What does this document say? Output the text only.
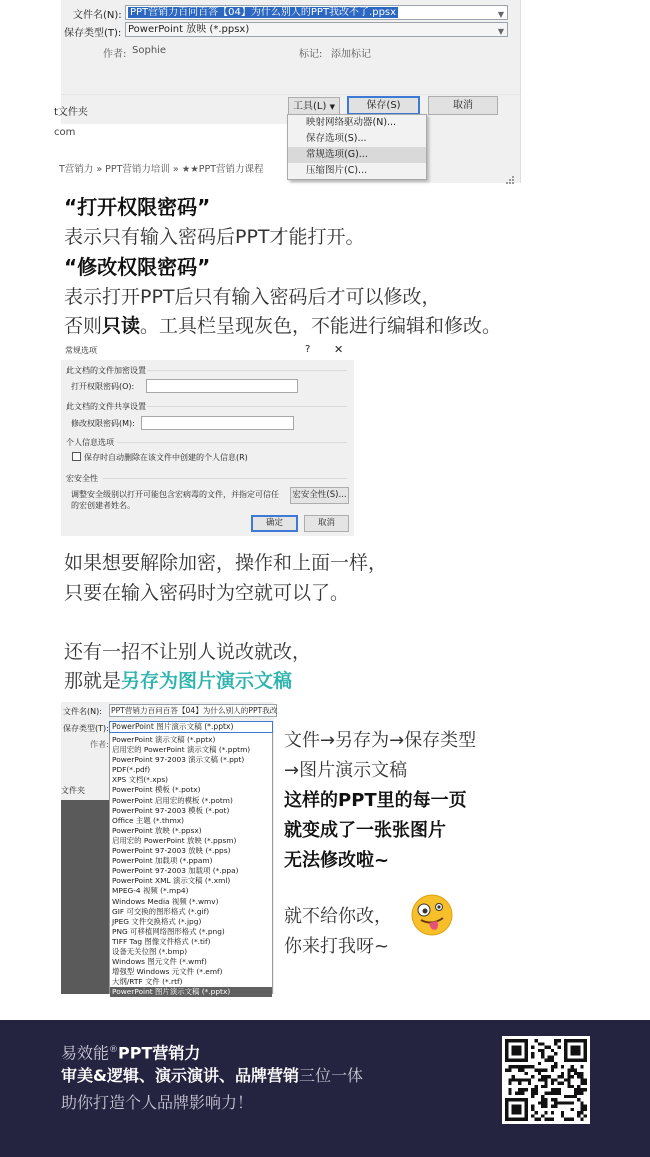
文件名(N): PPT营销力百问百答【04】为什么别人的PPT我改不了.ppsx	▼
保存类型(T): PowerPoint 放映 (*.ppsx)	▼
作者: Sophie	标记: 添加标记
t文件夹
工具(L) ▼	保存(S)	取消
com
T营销力 » PPT营销力培训 » ★★PPT营销力课程
映射网络驱动器(N)...
保存选项(S)...
常规选项(G)...
压缩图片(C)...
“打开权限密码”
表示只有输入密码后PPT才能打开。
“修改权限密码”
表示打开PPT后只有输入密码后才可以修改，
否则只读。工具栏呈现灰色，不能进行编辑和修改。
常规选项	? ✕
此文档的文件加密设置
打开权限密码(O):
此文档的文件共享设置
修改权限密码(M):
个人信息选项
保存时自动删除在该文件中创建的个人信息(R)
宏安全性
调整安全级别以打开可能包含宏病毒的文件，并指定可信任
的宏创建者姓名。
宏安全性(S)...
确定	取消
如果想要解除加密，操作和上面一样，
只要在输入密码时为空就可以了。
还有一招不让别人说改就改，
那就是另存为图片演示文稿
文件名(N): PPT营销力百问百答【04】为什么别人的PPT我改
保存类型(T): PowerPoint 图片演示文稿 (*.pptx)
作者:
文件夹
PowerPoint 演示文稿 (*.pptx)
启用宏的 PowerPoint 演示文稿 (*.pptm)
PowerPoint 97-2003 演示文稿 (*.ppt)
PDF(*.pdf)
XPS 文档(*.xps)
PowerPoint 模板 (*.potx)
PowerPoint 启用宏的模板 (*.potm)
PowerPoint 97-2003 模板 (*.pot)
Office 主题 (*.thmx)
PowerPoint 放映 (*.ppsx)
启用宏的 PowerPoint 放映 (*.ppsm)
PowerPoint 97-2003 放映 (*.pps)
PowerPoint 加载项 (*.ppam)
PowerPoint 97-2003 加载项 (*.ppa)
PowerPoint XML 演示文稿 (*.xml)
MPEG-4 视频 (*.mp4)
Windows Media 视频 (*.wmv)
GIF 可交换的图形格式 (*.gif)
JPEG 文件交换格式 (*.jpg)
PNG 可移植网络图形格式 (*.png)
TIFF Tag 图像文件格式 (*.tif)
设备无关位图 (*.bmp)
Windows 图元文件 (*.wmf)
增强型 Windows 元文件 (*.emf)
大纲/RTF 文件 (*.rtf)
PowerPoint 图片演示文稿 (*.pptx)
文件→另存为→保存类型
→图片演示文稿
这样的PPT里的每一页
就变成了一张张图片
无法修改啦~
就不给你改，
你来打我呀~
易效能®PPT营销力
审美&逻辑、演示演讲、品牌营销三位一体
助你打造个人品牌影响力！
